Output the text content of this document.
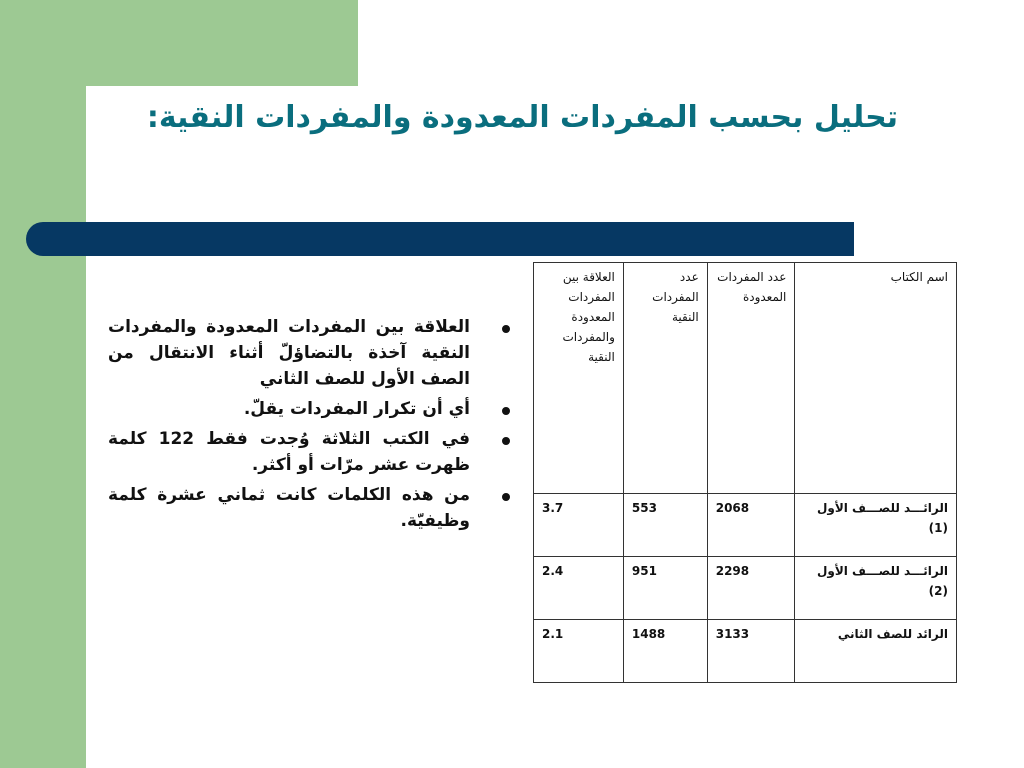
تحليل بحسب المفردات المعدودة والمفردات النقية:
العلاقة بين المفردات المعدودة والمفردات النقية آخذة بالتضاؤلّ أثناء الانتقال من الصف الأول للصف الثاني
أي أن تكرار المفردات يقلّ.
في الكتب الثلاثة وُجدت فقط 122 كلمة ظهرت عشر مرّات أو أكثر.
من هذه الكلمات كانت ثماني عشرة كلمة وظيفيّة.
اسم الكتاب	عدد المفردات المعدودة	عدد المفردات النقية	العلاقة بين المفردات المعدودة والمفردات النقية
الرائـــد للصـــف الأول (1)	2068	553	3.7
الرائـــد للصـــف الأول (2)	2298	951	2.4
الرائد للصف الثاني	3133	1488	2.1
